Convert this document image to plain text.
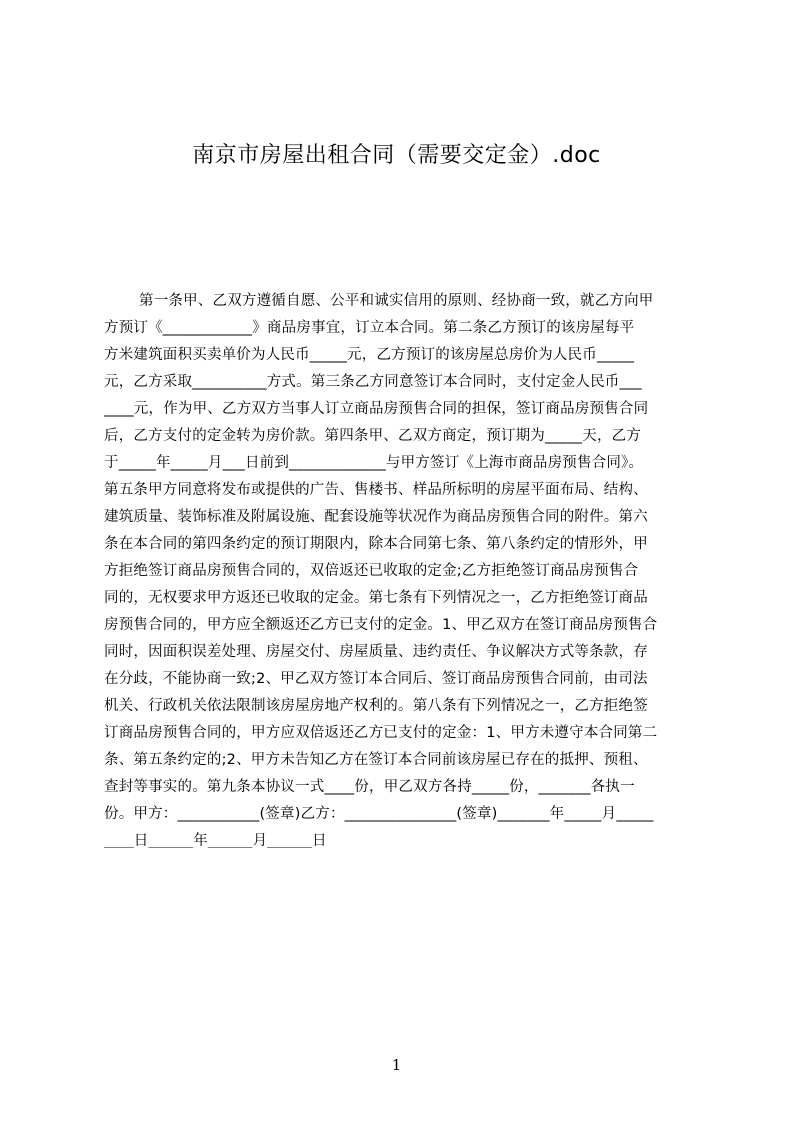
南京市房屋出租合同（需要交定金）.doc
第一条甲、乙双方遵循自愿、公平和诚实信用的原则、经协商一致，就乙方向甲
方预订《____________》商品房事宜，订立本合同。第二条乙方预订的该房屋每平
方米建筑面积买卖单价为人民币_____元，乙方预订的该房屋总房价为人民币_____
元，乙方采取__________方式。第三条乙方同意签订本合同时，支付定金人民币___
____元，作为甲、乙方双方当事人订立商品房预售合同的担保，签订商品房预售合同
后，乙方支付的定金转为房价款。第四条甲、乙双方商定，预订期为_____天，乙方
于_____年_____月___日前到_____________与甲方签订《上海市商品房预售合同》。
第五条甲方同意将发布或提供的广告、售楼书、样品所标明的房屋平面布局、结构、
建筑质量、装饰标准及附属设施、配套设施等状况作为商品房预售合同的附件。第六
条在本合同的第四条约定的预订期限内，除本合同第七条、第八条约定的情形外，甲
方拒绝签订商品房预售合同的，双倍返还已收取的定金;乙方拒绝签订商品房预售合
同的，无权要求甲方返还已收取的定金。第七条有下列情况之一，乙方拒绝签订商品
房预售合同的，甲方应全额返还乙方已支付的定金。1、甲乙双方在签订商品房预售合
同时，因面积误差处理、房屋交付、房屋质量、违约责任、争议解决方式等条款，存
在分歧，不能协商一致;2、甲乙双方签订本合同后、签订商品房预售合同前，由司法
机关、行政机关依法限制该房屋房地产权利的。第八条有下列情况之一，乙方拒绝签
订商品房预售合同的，甲方应双倍返还乙方已支付的定金：1、甲方未遵守本合同第二
条、第五条约定的;2、甲方未告知乙方在签订本合同前该房屋已存在的抵押、预租、
查封等事实的。第九条本协议一式____份，甲乙双方各持_____份，_______各执一
份。甲方：___________(签章)乙方：_______________(签章)_______年_____月_____
____日______年______月______日
1
